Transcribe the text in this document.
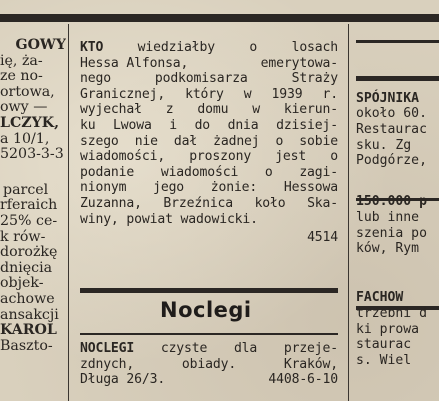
GOWY
ię, ża-
ze no-
ortowa,
owy —
LCZYK,
a 10/1,
5203-3-3
parcel
rferaich
25% ce-
k rów-
dorożkę
dnięcia
objek-
achowe
ansakcji
KAROL
Baszto-
KTO	wiedziałby	o	losach
Hessa Alfonsa,	emerytowa-
nego	podkomisarza	Straży
Granicznej, który w 1939 r.
wyjechał z domu w kierun-
ku Lwowa i do dnia dzisiej-
szego nie dał żadnej o sobie
wiadomości, proszony jest o
podanie wiadomości o zagi-
nionym jego żonie: Hessowa
Zuzanna, Brzeźnica koło Ska-
winy, powiat wadowicki.
4514
Noclegi
NOCLEGI czyste dla przeje-
zdnych,	obiady.	Kraków,
Długa 26/3.	4408-6-10
SPÓJNIKA
około 60.
Restaurac
sku. Zg
Podgórze,
150.000 p
lub inne
szenia po
ków, Rym
FACHOW
trzebni d
ki prowa
staurac
s. Wiel
